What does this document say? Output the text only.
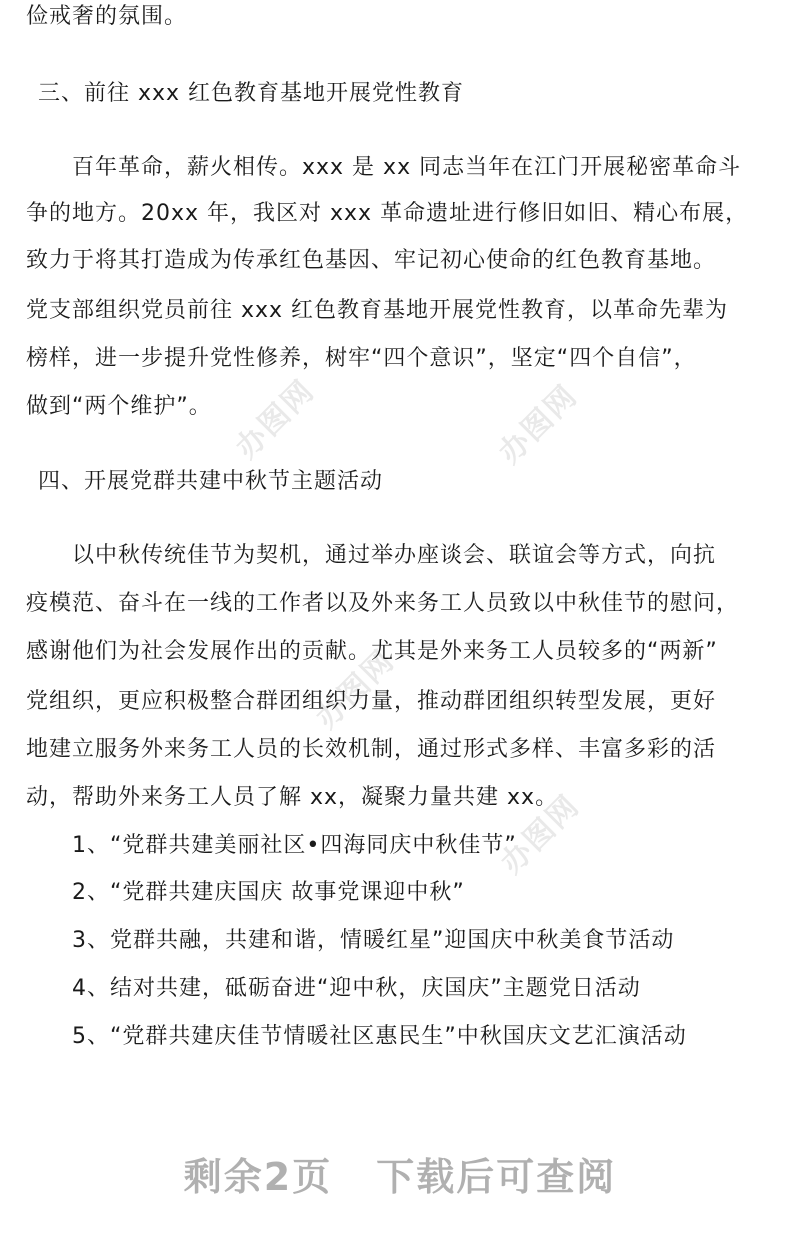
办图网	办图网
办图网
办图网
俭戒奢的氛围。
三、前往 xxx 红色教育基地开展党性教育
百年革命，薪火相传。xxx 是 xx 同志当年在江门开展秘密革命斗
争的地方。20xx 年，我区对 xxx 革命遗址进行修旧如旧、精心布展，
致力于将其打造成为传承红色基因、牢记初心使命的红色教育基地。
党支部组织党员前往 xxx 红色教育基地开展党性教育，以革命先辈为
榜样，进一步提升党性修养，树牢“四个意识”，坚定“四个自信”，
做到“两个维护”。
四、开展党群共建中秋节主题活动
以中秋传统佳节为契机，通过举办座谈会、联谊会等方式，向抗
疫模范、奋斗在一线的工作者以及外来务工人员致以中秋佳节的慰问，
感谢他们为社会发展作出的贡献。尤其是外来务工人员较多的“两新”
党组织，更应积极整合群团组织力量，推动群团组织转型发展，更好
地建立服务外来务工人员的长效机制，通过形式多样、丰富多彩的活
动，帮助外来务工人员了解 xx，凝聚力量共建 xx。
1、“党群共建美丽社区•四海同庆中秋佳节”
2、“党群共建庆国庆 故事党课迎中秋”
3、党群共融，共建和谐，情暖红星”迎国庆中秋美食节活动
4、结对共建，砥砺奋进“迎中秋，庆国庆”主题党日活动
5、“党群共建庆佳节情暖社区惠民生”中秋国庆文艺汇演活动
剩余2页 下载后可查阅
